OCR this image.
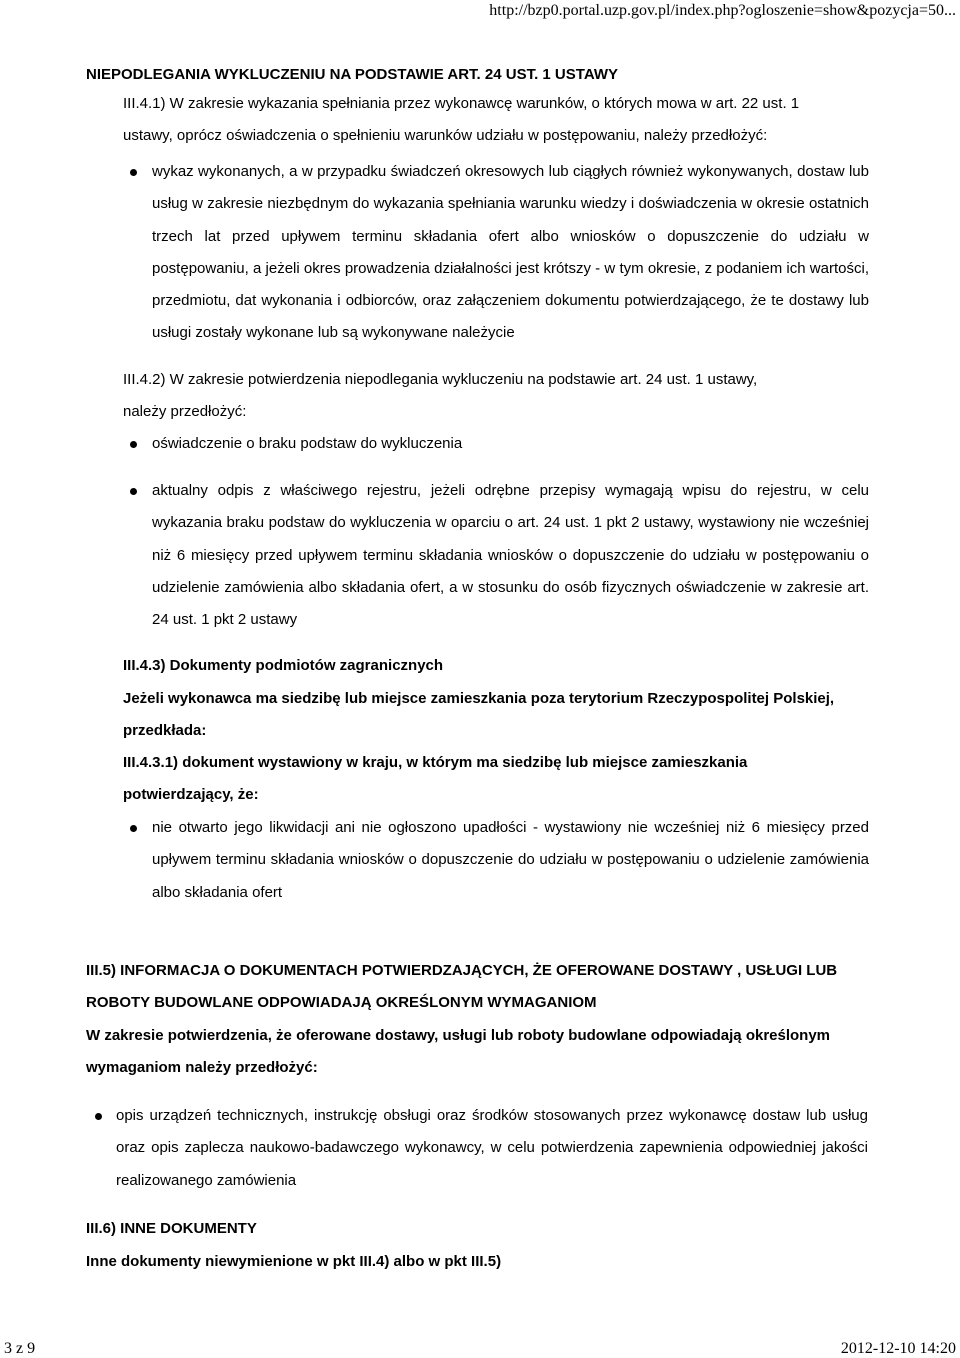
http://bzp0.portal.uzp.gov.pl/index.php?ogloszenie=show&pozycja=50...
NIEPODLEGANIA WYKLUCZENIU NA PODSTAWIE ART. 24 UST. 1 USTAWY
III.4.1) W zakresie wykazania spełniania przez wykonawcę warunków, o których mowa w art. 22 ust. 1
ustawy, oprócz oświadczenia o spełnieniu warunków udziału w postępowaniu, należy przedłożyć:
wykaz wykonanych, a w przypadku świadczeń okresowych lub ciągłych również wykonywanych, dostaw lub usług w zakresie niezbędnym do wykazania spełniania warunku wiedzy i doświadczenia w okresie ostatnich trzech lat przed upływem terminu składania ofert albo wniosków o dopuszczenie do udziału w postępowaniu, a jeżeli okres prowadzenia działalności jest krótszy - w tym okresie, z podaniem ich wartości, przedmiotu, dat wykonania i odbiorców, oraz załączeniem dokumentu potwierdzającego, że te dostawy lub usługi zostały wykonane lub są wykonywane należycie
III.4.2) W zakresie potwierdzenia niepodlegania wykluczeniu na podstawie art. 24 ust. 1 ustawy,
należy przedłożyć:
oświadczenie o braku podstaw do wykluczenia
aktualny odpis z właściwego rejestru, jeżeli odrębne przepisy wymagają wpisu do rejestru, w celu wykazania braku podstaw do wykluczenia w oparciu o art. 24 ust. 1 pkt 2 ustawy, wystawiony nie wcześniej niż 6 miesięcy przed upływem terminu składania wniosków o dopuszczenie do udziału w postępowaniu o udzielenie zamówienia albo składania ofert, a w stosunku do osób fizycznych oświadczenie w zakresie art. 24 ust. 1 pkt 2 ustawy
III.4.3) Dokumenty podmiotów zagranicznych
Jeżeli wykonawca ma siedzibę lub miejsce zamieszkania poza terytorium Rzeczypospolitej Polskiej,
przedkłada:
III.4.3.1) dokument wystawiony w kraju, w którym ma siedzibę lub miejsce zamieszkania
potwierdzający, że:
nie otwarto jego likwidacji ani nie ogłoszono upadłości - wystawiony nie wcześniej niż 6 miesięcy przed upływem terminu składania wniosków o dopuszczenie do udziału w postępowaniu o udzielenie zamówienia albo składania ofert
III.5) INFORMACJA O DOKUMENTACH POTWIERDZAJĄCYCH, ŻE OFEROWANE DOSTAWY , USŁUGI LUB
ROBOTY BUDOWLANE ODPOWIADAJĄ OKREŚLONYM WYMAGANIOM
W zakresie potwierdzenia, że oferowane dostawy, usługi lub roboty budowlane odpowiadają określonym
wymaganiom należy przedłożyć:
opis urządzeń technicznych, instrukcję obsługi oraz środków stosowanych przez wykonawcę dostaw lub usług oraz opis zaplecza naukowo-badawczego wykonawcy, w celu potwierdzenia zapewnienia odpowiedniej jakości realizowanego zamówienia
III.6) INNE DOKUMENTY
Inne dokumenty niewymienione w pkt III.4) albo w pkt III.5)
3 z 9	2012-12-10 14:20
